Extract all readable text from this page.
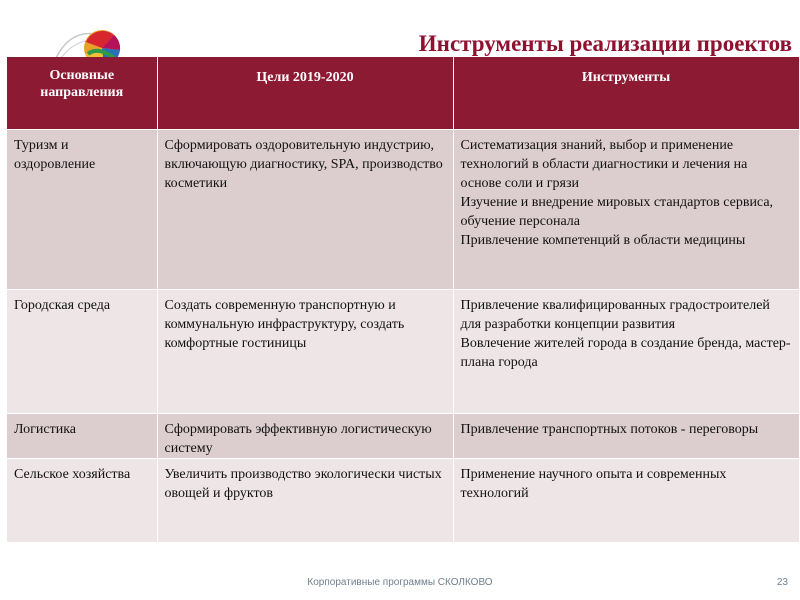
Инструменты реализации проектов
Основные направления	Цели 2019-2020	Инструменты
Туризм и оздоровление	Сформировать оздоровительную индустрию, включающую диагностику, SPA, производство косметики	Систематизация знаний, выбор и применение технологий в области диагностики и лечения на основе соли и грязи
Изучение и внедрение мировых стандартов сервиса, обучение персонала
Привлечение компетенций в области медицины

Городская среда	Создать современную транспортную и коммунальную инфраструктуру, создать комфортные гостиницы	Привлечение квалифицированных градостроителей для разработки концепции развития
Вовлечение жителей города в создание бренда, мастер-плана города

Логистика	Сформировать эффективную логистическую систему	Привлечение транспортных потоков - переговоры

Сельское хозяйства	Увеличить производство экологически чистых овощей и фруктов	Применение научного опыта и современных технологий
Корпоративные программы СКОЛКОВО	23
